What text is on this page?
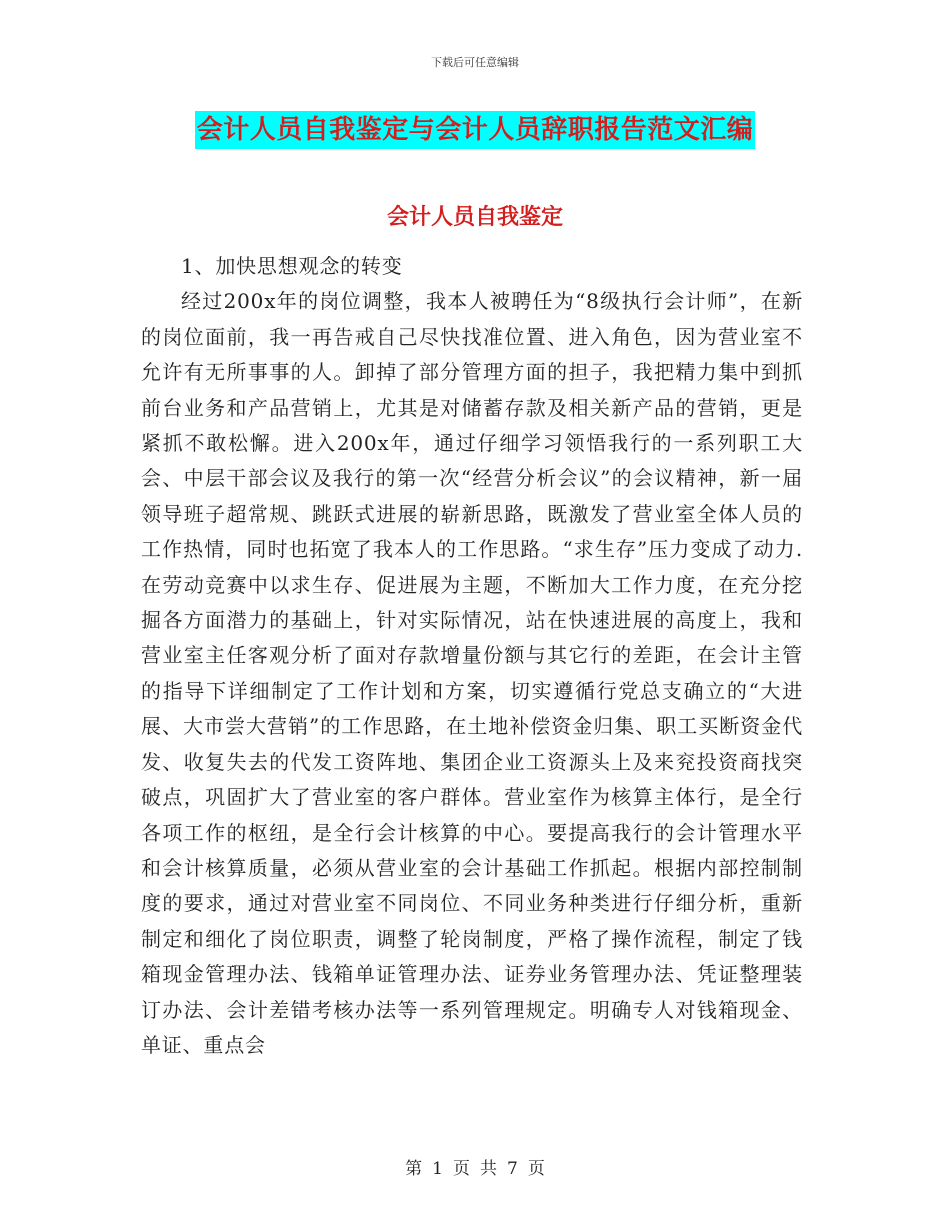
下载后可任意编辑
会计人员自我鉴定与会计人员辞职报告范文汇编
会计人员自我鉴定

1、加快思想观念的转变

经过200x年的岗位调整，我本人被聘任为“8级执行会计师”，在新的岗位面前，我一再告戒自己尽快找准位置、进入角色，因为营业室不允许有无所事事的人。卸掉了部分管理方面的担子，我把精力集中到抓前台业务和产品营销上，尤其是对储蓄存款及相关新产品的营销，更是紧抓不敢松懈。进入200x年，通过仔细学习领悟我行的一系列职工大会、中层干部会议及我行的第一次“经营分析会议”的会议精神，新一届领导班子超常规、跳跃式进展的崭新思路，既激发了营业室全体人员的工作热情，同时也拓宽了我本人的工作思路。“求生存”压力变成了动力.在劳动竞赛中以求生存、促进展为主题，不断加大工作力度，在充分挖掘各方面潜力的基础上，针对实际情况，站在快速进展的高度上，我和营业室主任客观分析了面对存款增量份额与其它行的差距，在会计主管的指导下详细制定了工作计划和方案，切实遵循行党总支确立的“大进展、大市尝大营销”的工作思路，在土地补偿资金归集、职工买断资金代发、收复失去的代发工资阵地、集团企业工资源头上及来兖投资商找突破点，巩固扩大了营业室的客户群体。营业室作为核算主体行，是全行各项工作的枢纽，是全行会计核算的中心。要提高我行的会计管理水平和会计核算质量，必须从营业室的会计基础工作抓起。根据内部控制制度的要求，通过对营业室不同岗位、不同业务种类进行仔细分析，重新制定和细化了岗位职责，调整了轮岗制度，严格了操作流程，制定了钱箱现金管理办法、钱箱单证管理办法、证券业务管理办法、凭证整理装订办法、会计差错考核办法等一系列管理规定。明确专人对钱箱现金、单证、重点会

第 1 页 共 7 页
